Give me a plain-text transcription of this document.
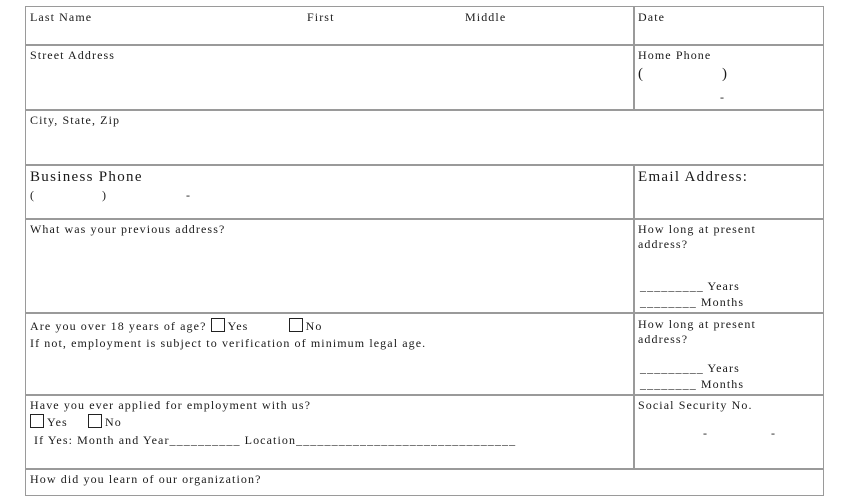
Last Name	First	Middle	Date
Street Address	Home Phone
(	)
-
City, State, Zip
Business Phone
(	)	-
Email Address:
What was your previous address?	How long at present
address?
_________ Years
________ Months
Are you over 18 years of age? Yes	No
If not, employment is subject to verification of minimum legal age.
How long at present
address?
_________ Years
________ Months
Have you ever applied for employment with us?
Yes	No
If Yes: Month and Year__________ Location_______________________________
Social Security No.
-	-
How did you learn of our organization?
